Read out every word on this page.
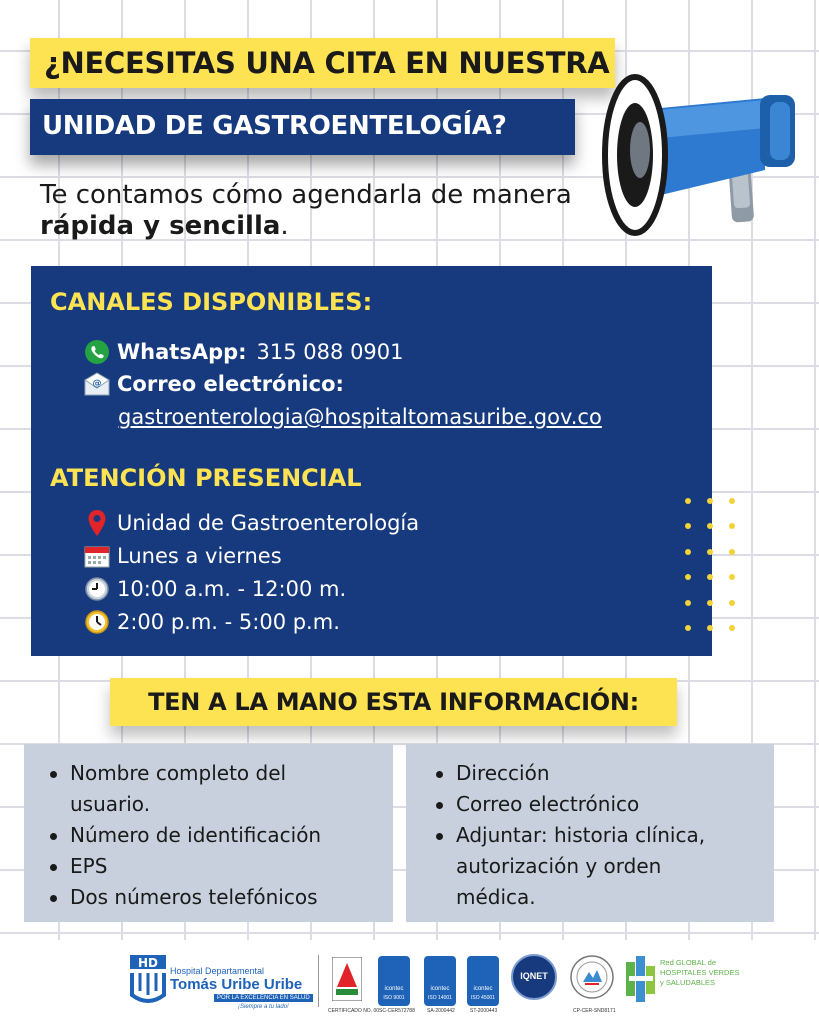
¿NECESITAS UNA CITA EN NUESTRA
UNIDAD DE GASTROENTELOGÍA?
Te contamos cómo agendarla de manera rápida y sencilla.
CANALES DISPONIBLES:
WhatsApp: 315 088 0901
@ Correo electrónico:
gastroenterologia@hospitaltomasuribe.gov.co
ATENCIÓN PRESENCIAL
Unidad de Gastroenterología
Lunes a viernes
10:00 a.m. - 12:00 m.
2:00 p.m. - 5:00 p.m.
TEN A LA MANO ESTA INFORMACIÓN:
Nombre completo del usuario.
Número de identificación
EPS
Dos números telefónicos
Dirección
Correo electrónico
Adjuntar: historia clínica, autorización y orden médica.
HD
Hospital Departamental
Tomás Uribe Uribe
POR LA EXCELENCIA EN SALUD
¡Siempre a tu lado!
CERTIFICADO NO. 00
icontec
ISO 9001
SC-CER572788
icontec
ISO 14001
SA-2000442
icontec
ISO 45001
ST-2000443
IQNET
CP-CER-SND8171
Red GLOBAL de HOSPITALES VERDES y SALUDABLES
